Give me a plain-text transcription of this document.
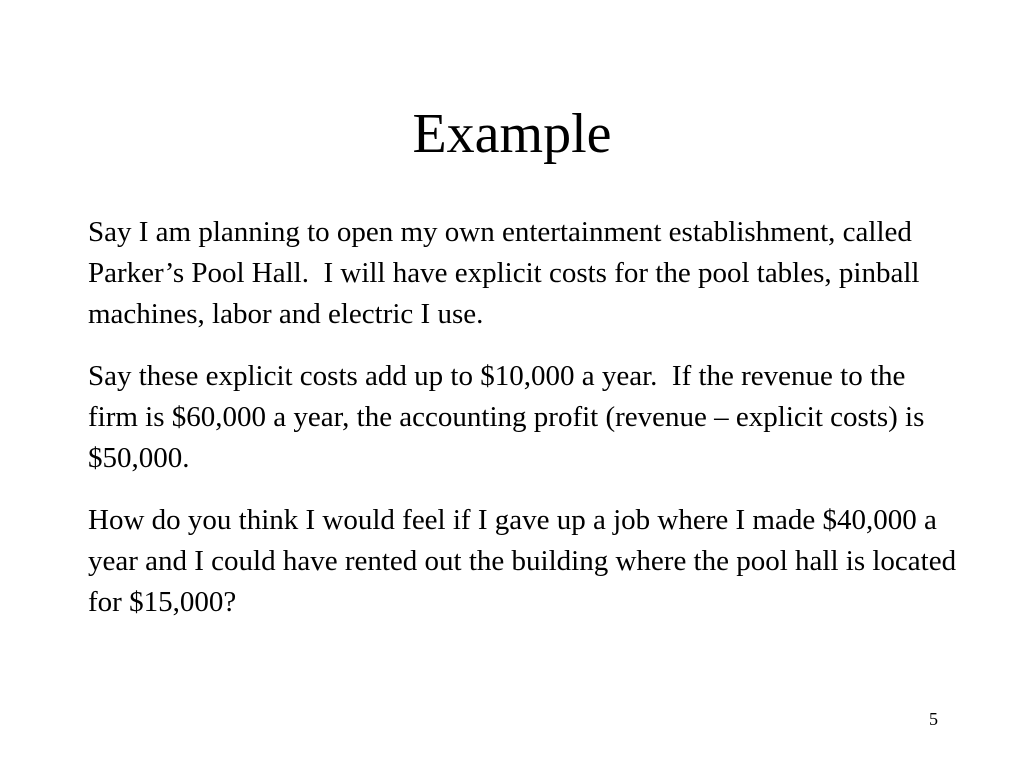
Example

Say I am planning to open my own entertainment establishment, called Parker’s Pool Hall.  I will have explicit costs for the pool tables, pinball machines, labor and electric I use.

Say these explicit costs add up to $10,000 a year.  If the revenue to the firm is $60,000 a year, the accounting profit (revenue – explicit costs) is $50,000.

How do you think I would feel if I gave up a job where I made $40,000 a year and I could have rented out the building where the pool hall is located for $15,000?

5
